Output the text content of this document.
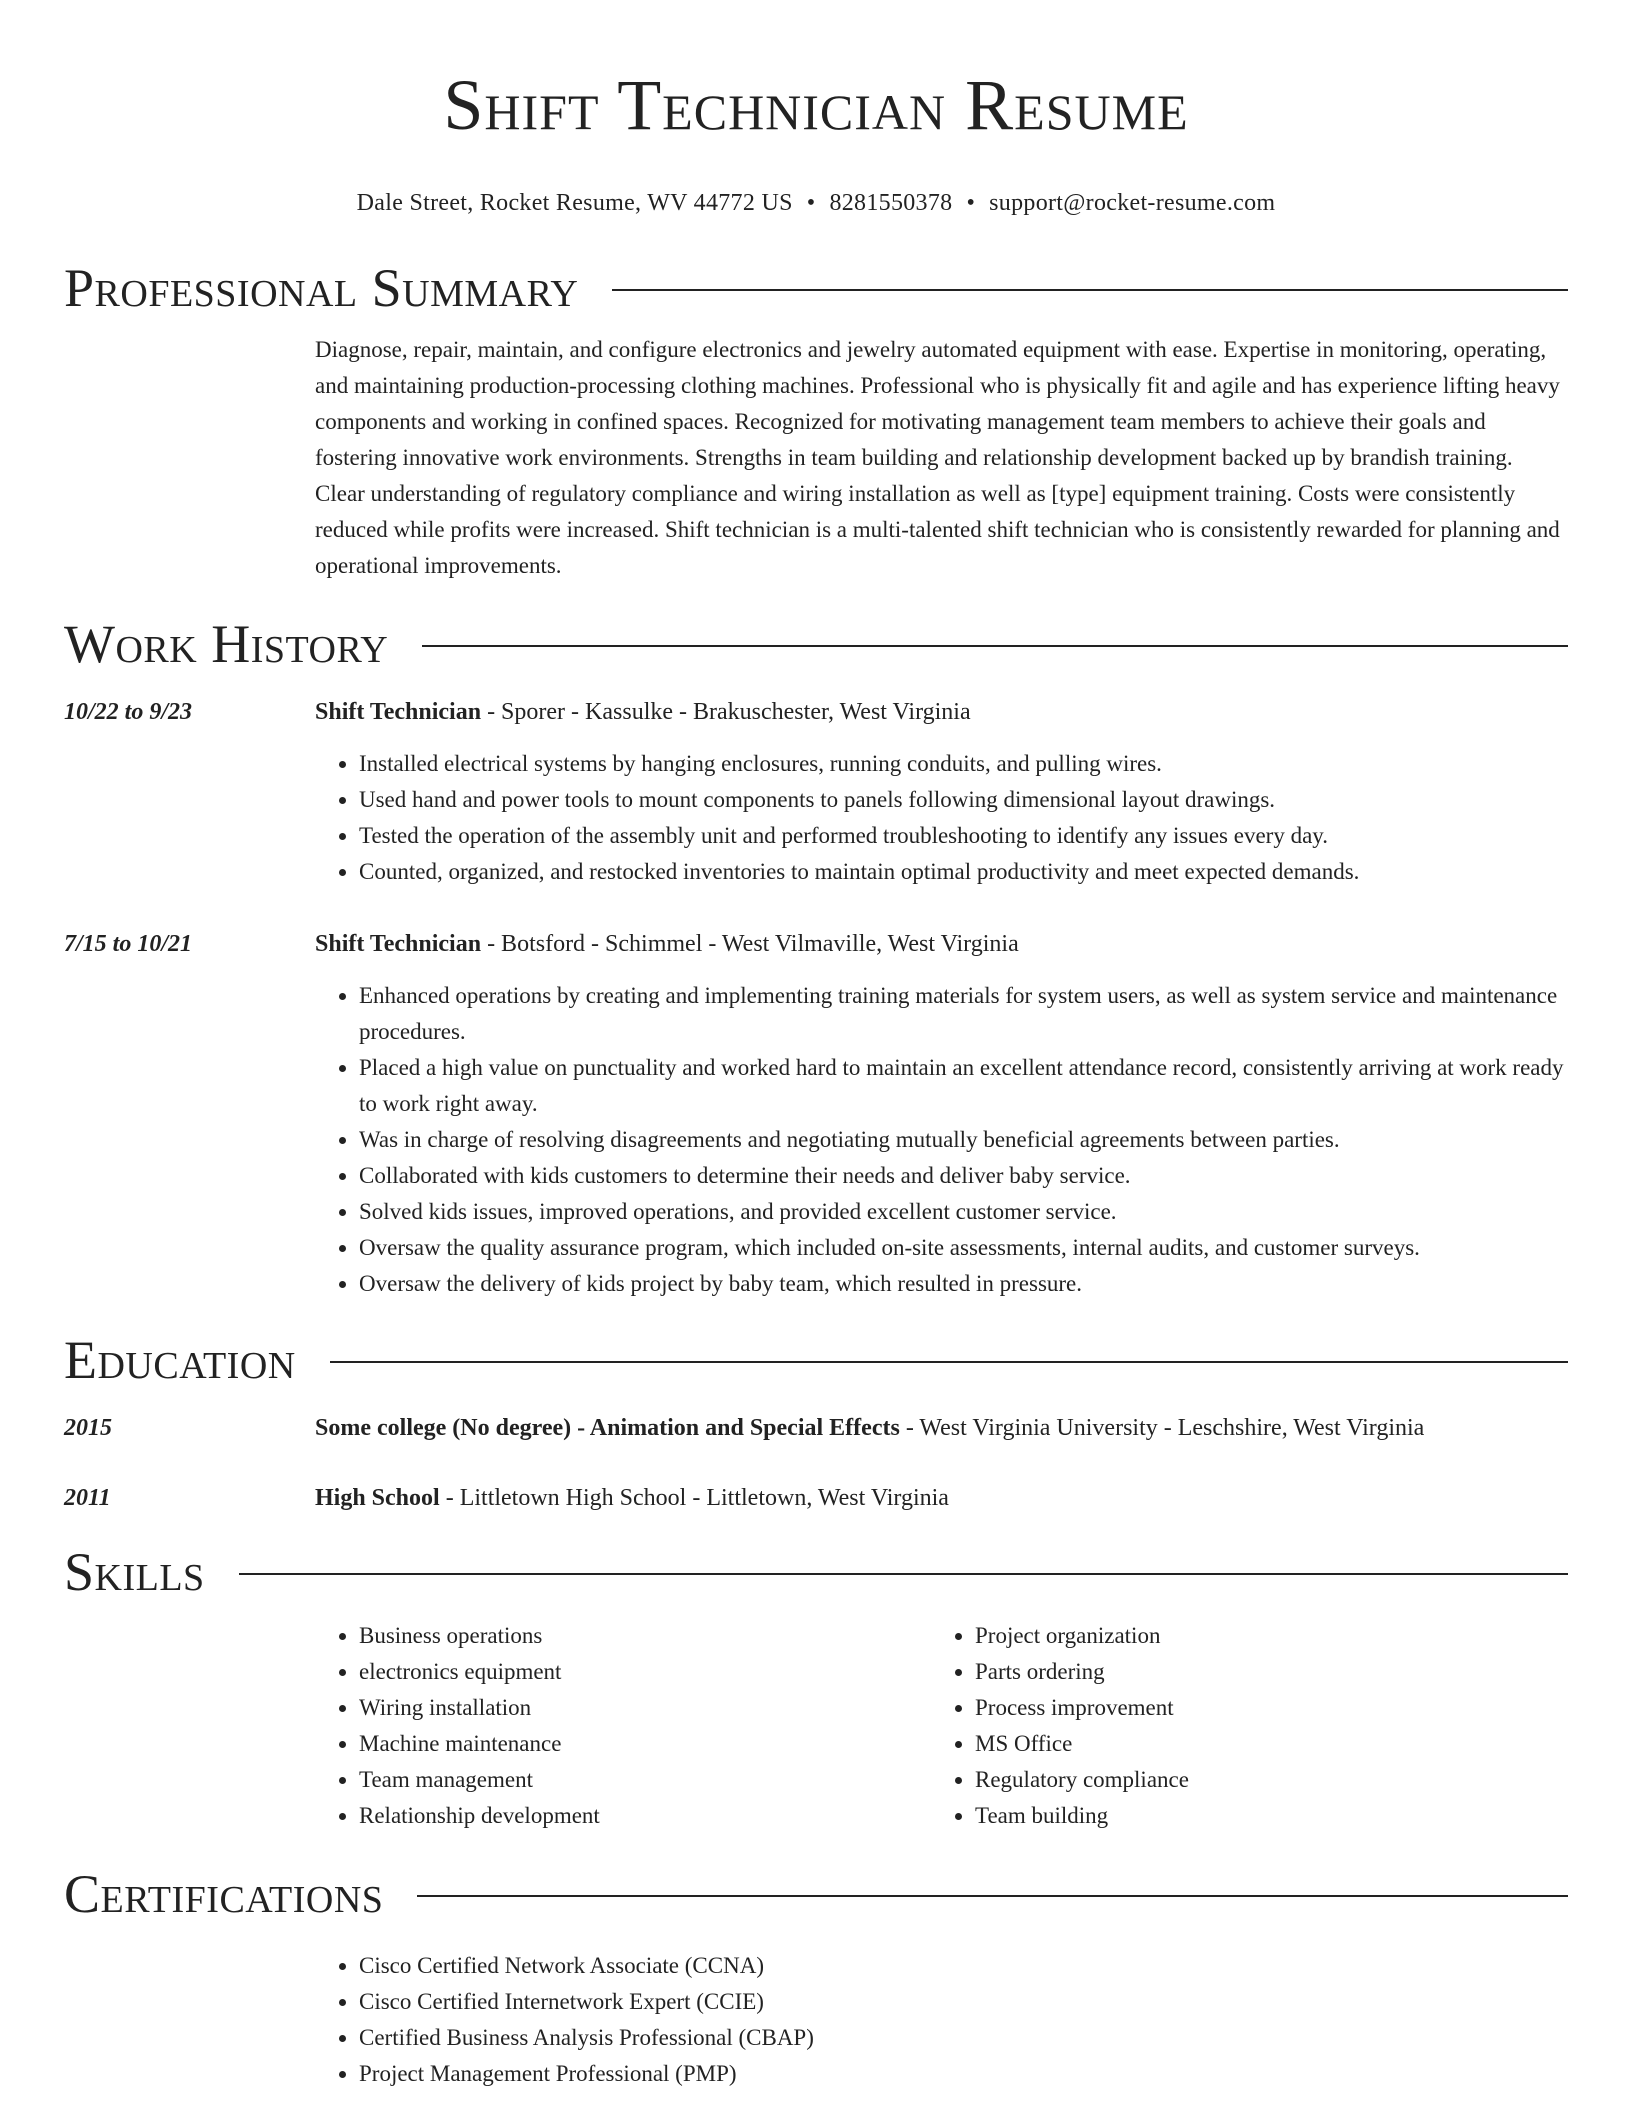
Shift Technician Resume
Dale Street, Rocket Resume, WV 44772 US • 8281550378 • support@rocket-resume.com
Professional Summary
Diagnose, repair, maintain, and configure electronics and jewelry automated equipment with ease. Expertise in monitoring, operating, and maintaining production-processing clothing machines. Professional who is physically fit and agile and has experience lifting heavy components and working in confined spaces. Recognized for motivating management team members to achieve their goals and fostering innovative work environments. Strengths in team building and relationship development backed up by brandish training. Clear understanding of regulatory compliance and wiring installation as well as [type] equipment training. Costs were consistently reduced while profits were increased. Shift technician is a multi-talented shift technician who is consistently rewarded for planning and operational improvements.
Work History
10/22 to 9/23	Shift Technician - Sporer - Kassulke - Brakuschester, West Virginia
• Installed electrical systems by hanging enclosures, running conduits, and pulling wires.
• Used hand and power tools to mount components to panels following dimensional layout drawings.
• Tested the operation of the assembly unit and performed troubleshooting to identify any issues every day.
• Counted, organized, and restocked inventories to maintain optimal productivity and meet expected demands.
7/15 to 10/21	Shift Technician - Botsford - Schimmel - West Vilmaville, West Virginia
• Enhanced operations by creating and implementing training materials for system users, as well as system service and maintenance procedures.
• Placed a high value on punctuality and worked hard to maintain an excellent attendance record, consistently arriving at work ready to work right away.
• Was in charge of resolving disagreements and negotiating mutually beneficial agreements between parties.
• Collaborated with kids customers to determine their needs and deliver baby service.
• Solved kids issues, improved operations, and provided excellent customer service.
• Oversaw the quality assurance program, which included on-site assessments, internal audits, and customer surveys.
• Oversaw the delivery of kids project by baby team, which resulted in pressure.
Education
2015	Some college (No degree) - Animation and Special Effects - West Virginia University - Leschshire, West Virginia
2011	High School - Littletown High School - Littletown, West Virginia
Skills
• Business operations
• electronics equipment
• Wiring installation
• Machine maintenance
• Team management
• Relationship development
• Project organization
• Parts ordering
• Process improvement
• MS Office
• Regulatory compliance
• Team building
Certifications
• Cisco Certified Network Associate (CCNA)
• Cisco Certified Internetwork Expert (CCIE)
• Certified Business Analysis Professional (CBAP)
• Project Management Professional (PMP)
